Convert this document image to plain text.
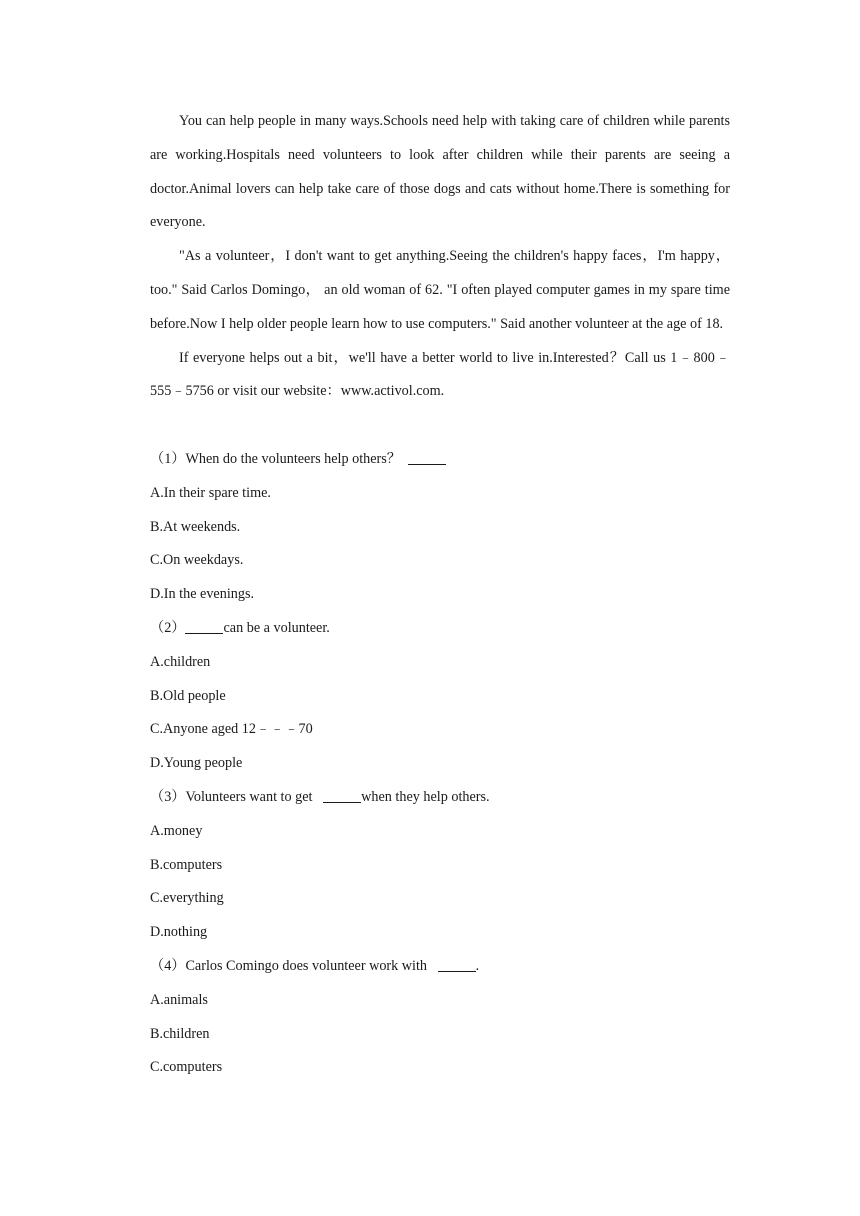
You can help people in many ways.Schools need help with taking care of children while parents are working.Hospitals need volunteers to look after children while their parents are seeing a doctor.Animal lovers can help take care of those dogs and cats without home.There is something for everyone.

"As a volunteer，I don't want to get anything.Seeing the children's happy faces，I'm happy，too." Said Carlos Domingo， an old woman of 62. "I often played computer games in my spare time before.Now I help older people learn how to use computers." Said another volunteer at the age of 18.

If everyone helps out a bit，we'll have a better world to live in.Interested？Call us 1﹣800﹣555﹣5756 or visit our website：www.activol.com.

（1）When do the volunteers help others？

A.In their spare time.

B.At weekends.

C.On weekdays.

D.In the evenings.

（2）	can be a volunteer.

A.children

B.Old people

C.Anyone aged 12﹣﹣﹣70

D.Young people

（3）Volunteers want to get	when they help others.

A.money

B.computers

C.everything

D.nothing

（4）Carlos Comingo does volunteer work with	.

A.animals

B.children

C.computers
